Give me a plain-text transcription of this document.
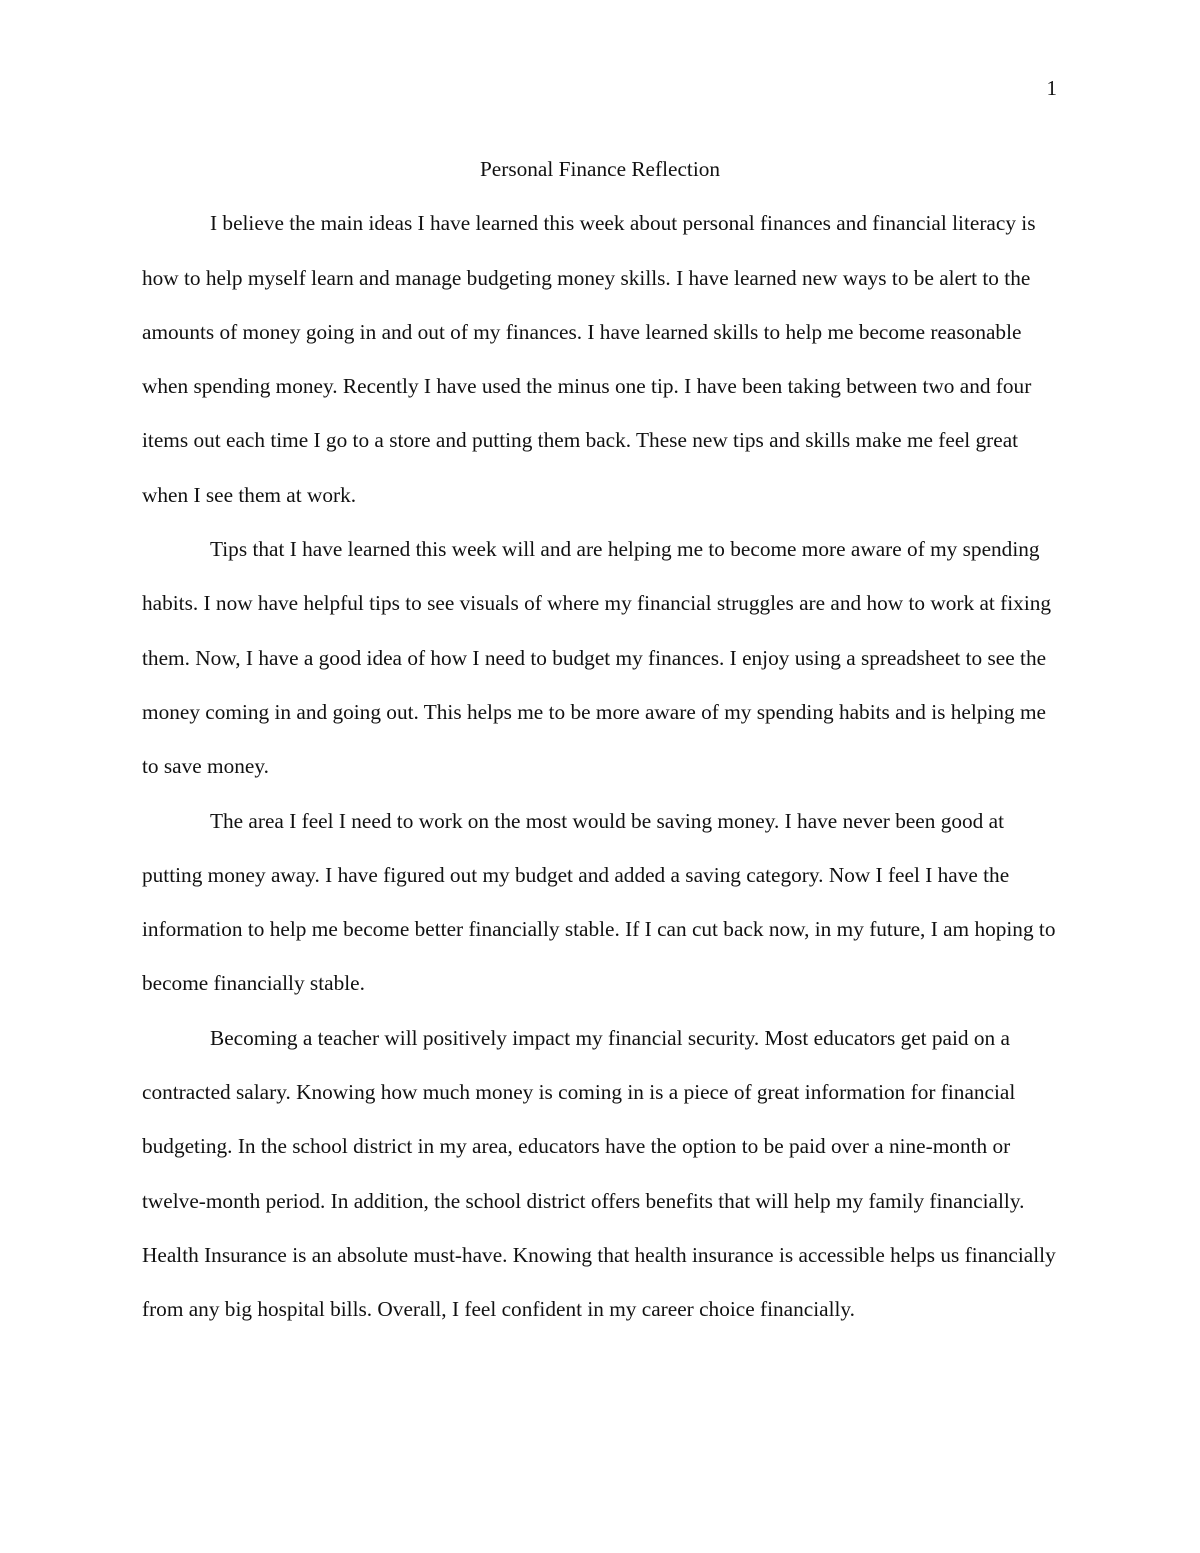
1
Personal Finance Reflection

I believe the main ideas I have learned this week about personal finances and financial literacy is how to help myself learn and manage budgeting money skills. I have learned new ways to be alert to the amounts of money going in and out of my finances. I have learned skills to help me become reasonable when spending money. Recently I have used the minus one tip. I have been taking between two and four items out each time I go to a store and putting them back. These new tips and skills make me feel great when I see them at work.

Tips that I have learned this week will and are helping me to become more aware of my spending habits. I now have helpful tips to see visuals of where my financial struggles are and how to work at fixing them. Now, I have a good idea of how I need to budget my finances. I enjoy using a spreadsheet to see the money coming in and going out. This helps me to be more aware of my spending habits and is helping me to save money.

The area I feel I need to work on the most would be saving money. I have never been good at putting money away. I have figured out my budget and added a saving category. Now I feel I have the information to help me become better financially stable. If I can cut back now, in my future, I am hoping to become financially stable.

Becoming a teacher will positively impact my financial security. Most educators get paid on a contracted salary. Knowing how much money is coming in is a piece of great information for financial budgeting. In the school district in my area, educators have the option to be paid over a nine-month or twelve-month period. In addition, the school district offers benefits that will help my family financially. Health Insurance is an absolute must-have. Knowing that health insurance is accessible helps us financially from any big hospital bills. Overall, I feel confident in my career choice financially.
